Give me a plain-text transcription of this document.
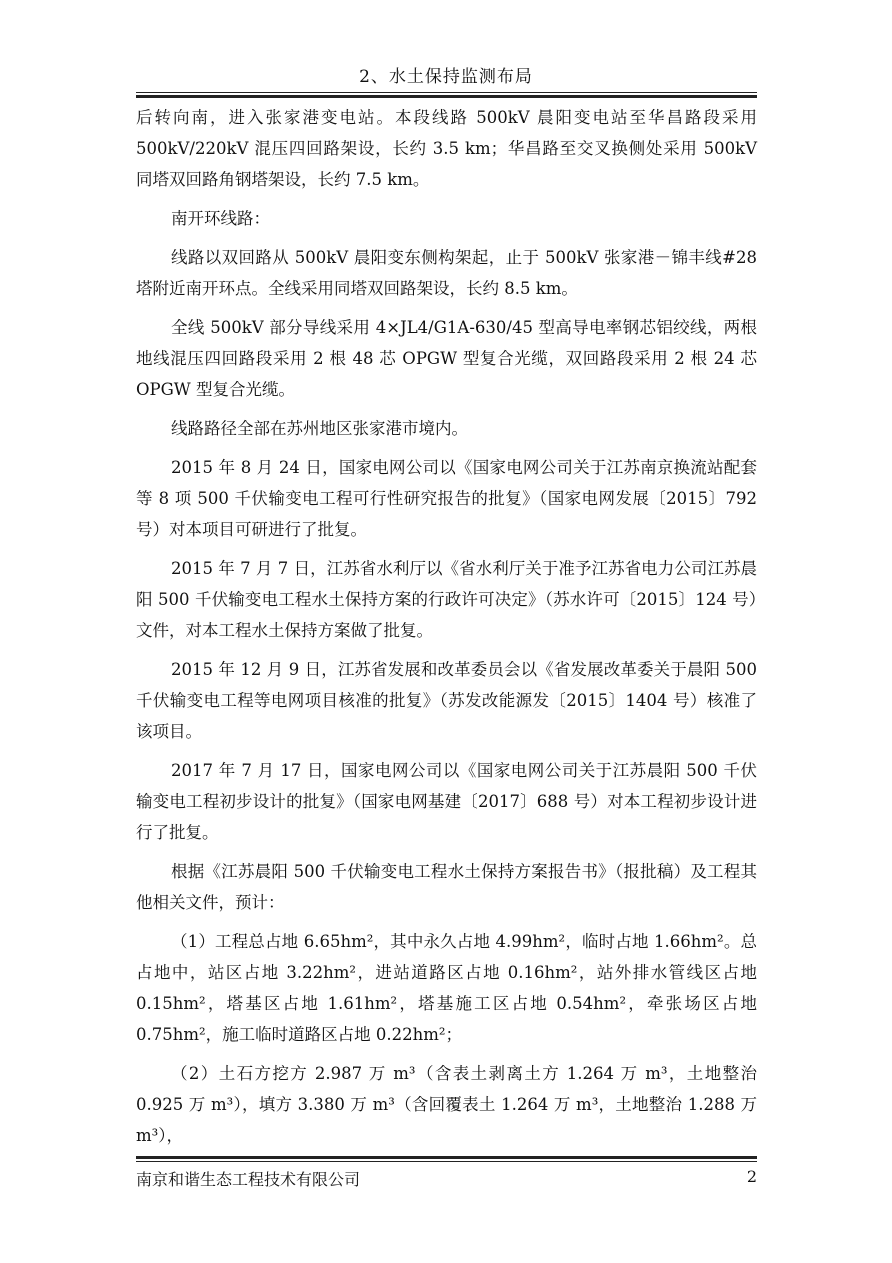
2、水土保持监测布局

后转向南，进入张家港变电站。本段线路 500kV 晨阳变电站至华昌路段采用 500kV/220kV 混压四回路架设，长约 3.5 km；华昌路至交叉换侧处采用 500kV 同塔双回路角钢塔架设，长约 7.5 km。

南开环线路：

线路以双回路从 500kV 晨阳变东侧构架起，止于 500kV 张家港－锦丰线#28 塔附近南开环点。全线采用同塔双回路架设，长约 8.5 km。

全线 500kV 部分导线采用 4×JL4/G1A-630/45 型高导电率钢芯铝绞线，两根地线混压四回路段采用 2 根 48 芯 OPGW 型复合光缆，双回路段采用 2 根 24 芯 OPGW 型复合光缆。

线路路径全部在苏州地区张家港市境内。

2015 年 8 月 24 日，国家电网公司以《国家电网公司关于江苏南京换流站配套等 8 项 500 千伏输变电工程可行性研究报告的批复》（国家电网发展〔2015〕792 号）对本项目可研进行了批复。

2015 年 7 月 7 日，江苏省水利厅以《省水利厅关于准予江苏省电力公司江苏晨阳 500 千伏输变电工程水土保持方案的行政许可决定》（苏水许可〔2015〕124 号）文件，对本工程水土保持方案做了批复。

2015 年 12 月 9 日，江苏省发展和改革委员会以《省发展改革委关于晨阳 500 千伏输变电工程等电网项目核准的批复》（苏发改能源发〔2015〕1404 号）核准了该项目。

2017 年 7 月 17 日，国家电网公司以《国家电网公司关于江苏晨阳 500 千伏输变电工程初步设计的批复》（国家电网基建〔2017〕688 号）对本工程初步设计进行了批复。

根据《江苏晨阳 500 千伏输变电工程水土保持方案报告书》（报批稿）及工程其他相关文件，预计：

（1）工程总占地 6.65hm²，其中永久占地 4.99hm²，临时占地 1.66hm²。总占地中，站区占地 3.22hm²，进站道路区占地 0.16hm²，站外排水管线区占地 0.15hm²，塔基区占地 1.61hm²，塔基施工区占地 0.54hm²，牵张场区占地 0.75hm²，施工临时道路区占地 0.22hm²；

（2）土石方挖方 2.987 万 m³（含表土剥离土方 1.264 万 m³，土地整治 0.925 万 m³），填方 3.380 万 m³（含回覆表土 1.264 万 m³，土地整治 1.288 万 m³），

南京和谐生态工程技术有限公司	2
